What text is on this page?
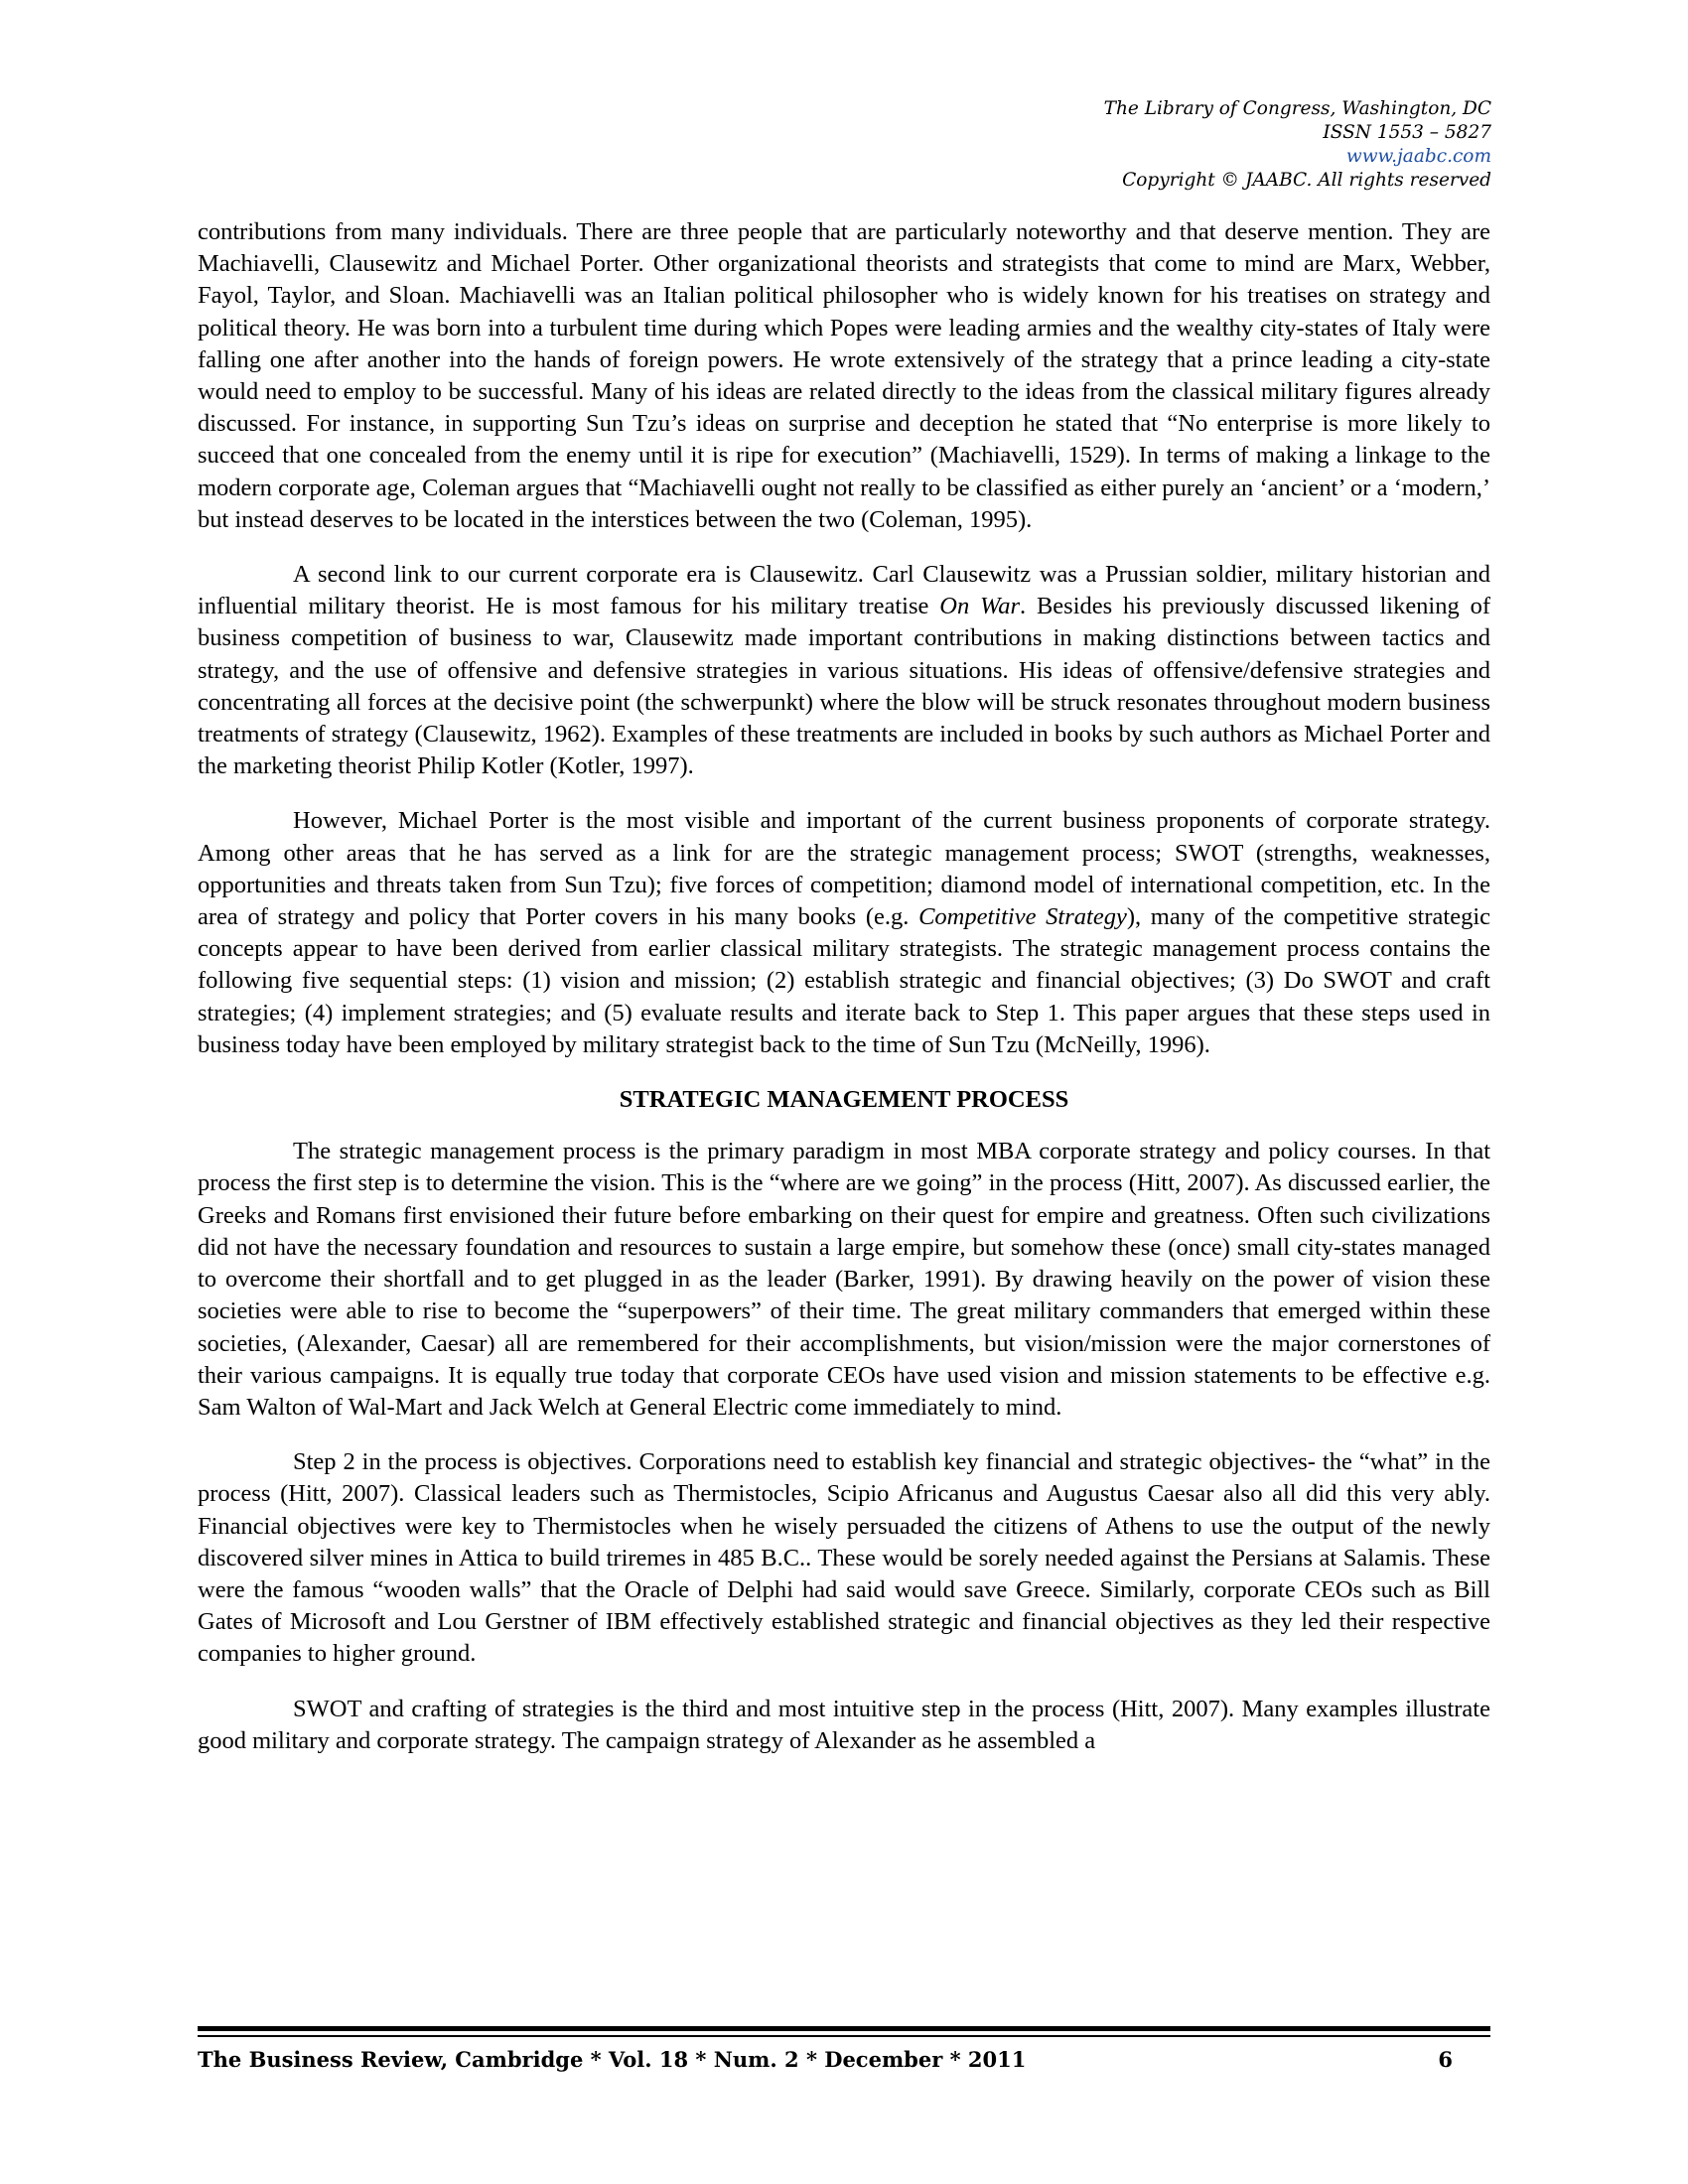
The Library of Congress, Washington, DC
ISSN 1553 – 5827
www.jaabc.com
Copyright © JAABC. All rights reserved

contributions from many individuals. There are three people that are particularly noteworthy and that deserve mention. They are Machiavelli, Clausewitz and Michael Porter. Other organizational theorists and strategists that come to mind are Marx, Webber, Fayol, Taylor, and Sloan. Machiavelli was an Italian political philosopher who is widely known for his treatises on strategy and political theory. He was born into a turbulent time during which Popes were leading armies and the wealthy city-states of Italy were falling one after another into the hands of foreign powers. He wrote extensively of the strategy that a prince leading a city-state would need to employ to be successful. Many of his ideas are related directly to the ideas from the classical military figures already discussed. For instance, in supporting Sun Tzu’s ideas on surprise and deception he stated that “No enterprise is more likely to succeed that one concealed from the enemy until it is ripe for execution” (Machiavelli, 1529). In terms of making a linkage to the modern corporate age, Coleman argues that “Machiavelli ought not really to be classified as either purely an ‘ancient’ or a ‘modern,’ but instead deserves to be located in the interstices between the two (Coleman, 1995).

A second link to our current corporate era is Clausewitz. Carl Clausewitz was a Prussian soldier, military historian and influential military theorist. He is most famous for his military treatise On War. Besides his previously discussed likening of business competition of business to war, Clausewitz made important contributions in making distinctions between tactics and strategy, and the use of offensive and defensive strategies in various situations. His ideas of offensive/defensive strategies and concentrating all forces at the decisive point (the schwerpunkt) where the blow will be struck resonates throughout modern business treatments of strategy (Clausewitz, 1962). Examples of these treatments are included in books by such authors as Michael Porter and the marketing theorist Philip Kotler (Kotler, 1997).

However, Michael Porter is the most visible and important of the current business proponents of corporate strategy. Among other areas that he has served as a link for are the strategic management process; SWOT (strengths, weaknesses, opportunities and threats taken from Sun Tzu); five forces of competition; diamond model of international competition, etc. In the area of strategy and policy that Porter covers in his many books (e.g. Competitive Strategy), many of the competitive strategic concepts appear to have been derived from earlier classical military strategists. The strategic management process contains the following five sequential steps: (1) vision and mission; (2) establish strategic and financial objectives; (3) Do SWOT and craft strategies; (4) implement strategies; and (5) evaluate results and iterate back to Step 1. This paper argues that these steps used in business today have been employed by military strategist back to the time of Sun Tzu (McNeilly, 1996).

STRATEGIC MANAGEMENT PROCESS

The strategic management process is the primary paradigm in most MBA corporate strategy and policy courses. In that process the first step is to determine the vision. This is the “where are we going” in the process (Hitt, 2007). As discussed earlier, the Greeks and Romans first envisioned their future before embarking on their quest for empire and greatness. Often such civilizations did not have the necessary foundation and resources to sustain a large empire, but somehow these (once) small city-states managed to overcome their shortfall and to get plugged in as the leader (Barker, 1991). By drawing heavily on the power of vision these societies were able to rise to become the “superpowers” of their time. The great military commanders that emerged within these societies, (Alexander, Caesar) all are remembered for their accomplishments, but vision/mission were the major cornerstones of their various campaigns. It is equally true today that corporate CEOs have used vision and mission statements to be effective e.g. Sam Walton of Wal-Mart and Jack Welch at General Electric come immediately to mind.

Step 2 in the process is objectives. Corporations need to establish key financial and strategic objectives- the “what” in the process (Hitt, 2007). Classical leaders such as Thermistocles, Scipio Africanus and Augustus Caesar also all did this very ably. Financial objectives were key to Thermistocles when he wisely persuaded the citizens of Athens to use the output of the newly discovered silver mines in Attica to build triremes in 485 B.C.. These would be sorely needed against the Persians at Salamis. These were the famous “wooden walls” that the Oracle of Delphi had said would save Greece. Similarly, corporate CEOs such as Bill Gates of Microsoft and Lou Gerstner of IBM effectively established strategic and financial objectives as they led their respective companies to higher ground.

SWOT and crafting of strategies is the third and most intuitive step in the process (Hitt, 2007). Many examples illustrate good military and corporate strategy. The campaign strategy of Alexander as he assembled a

The Business Review, Cambridge * Vol. 18 * Num. 2 * December * 2011	6
